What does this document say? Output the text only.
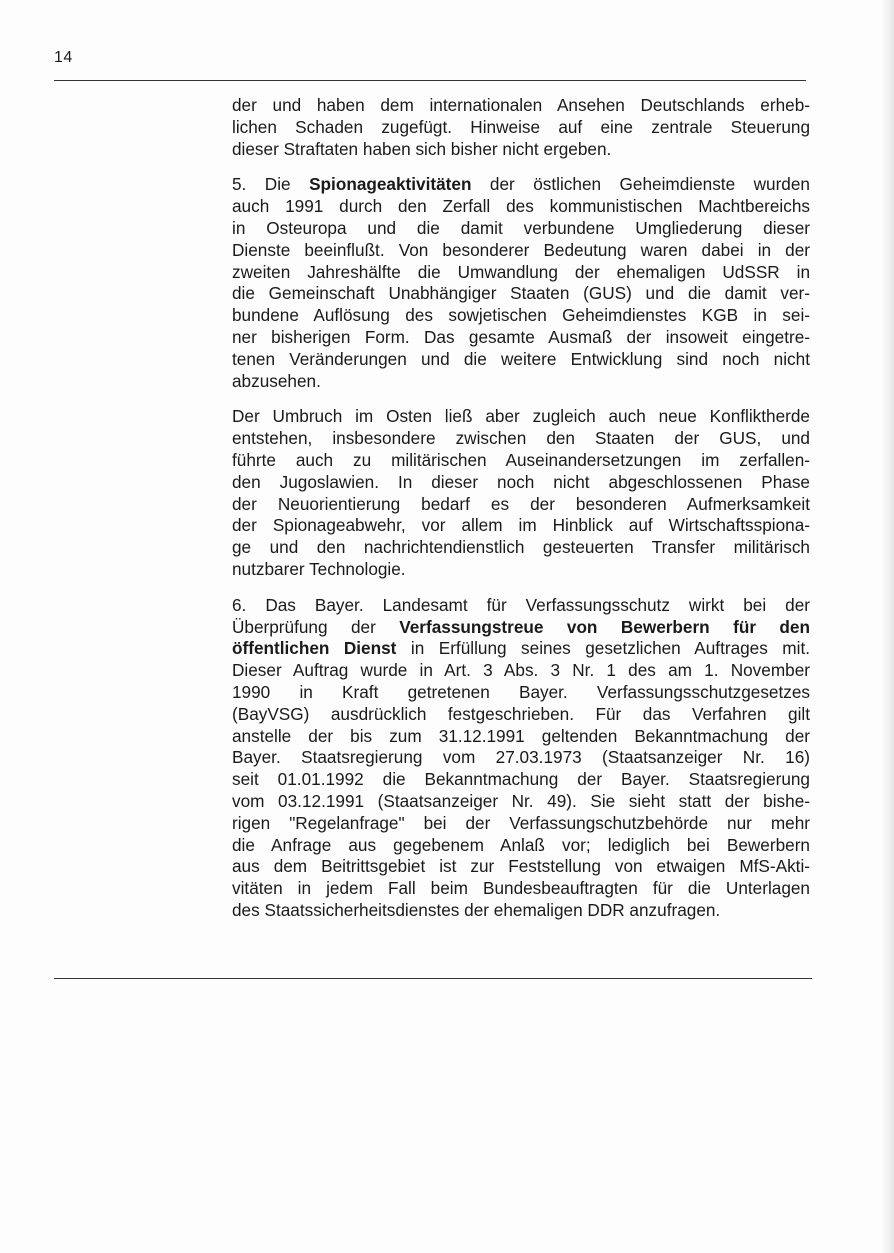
14

der und haben dem internationalen Ansehen Deutschlands erheb-
lichen Schaden zugefügt. Hinweise auf eine zentrale Steuerung
dieser Straftaten haben sich bisher nicht ergeben.

5. Die Spionageaktivitäten der östlichen Geheimdienste wurden
auch 1991 durch den Zerfall des kommunistischen Machtbereichs
in Osteuropa und die damit verbundene Umgliederung dieser
Dienste beeinflußt. Von besonderer Bedeutung waren dabei in der
zweiten Jahreshälfte die Umwandlung der ehemaligen UdSSR in
die Gemeinschaft Unabhängiger Staaten (GUS) und die damit ver-
bundene Auflösung des sowjetischen Geheimdienstes KGB in sei-
ner bisherigen Form. Das gesamte Ausmaß der insoweit eingetre-
tenen Veränderungen und die weitere Entwicklung sind noch nicht
abzusehen.

Der Umbruch im Osten ließ aber zugleich auch neue Konfliktherde
entstehen, insbesondere zwischen den Staaten der GUS, und
führte auch zu militärischen Auseinandersetzungen im zerfallen-
den Jugoslawien. In dieser noch nicht abgeschlossenen Phase
der Neuorientierung bedarf es der besonderen Aufmerksamkeit
der Spionageabwehr, vor allem im Hinblick auf Wirtschaftsspiona-
ge und den nachrichtendienstlich gesteuerten Transfer militärisch
nutzbarer Technologie.

6. Das Bayer. Landesamt für Verfassungsschutz wirkt bei der
Überprüfung der Verfassungstreue von Bewerbern für den
öffentlichen Dienst in Erfüllung seines gesetzlichen Auftrages mit.
Dieser Auftrag wurde in Art. 3 Abs. 3 Nr. 1 des am 1. November
1990 in Kraft getretenen Bayer. Verfassungsschutzgesetzes
(BayVSG) ausdrücklich festgeschrieben. Für das Verfahren gilt
anstelle der bis zum 31.12.1991 geltenden Bekanntmachung der
Bayer. Staatsregierung vom 27.03.1973 (Staatsanzeiger Nr. 16)
seit 01.01.1992 die Bekanntmachung der Bayer. Staatsregierung
vom 03.12.1991 (Staatsanzeiger Nr. 49). Sie sieht statt der bishe-
rigen "Regelanfrage" bei der Verfassungschutzbehörde nur mehr
die Anfrage aus gegebenem Anlaß vor; lediglich bei Bewerbern
aus dem Beitrittsgebiet ist zur Feststellung von etwaigen MfS-Akti-
vitäten in jedem Fall beim Bundesbeauftragten für die Unterlagen
des Staatssicherheitsdienstes der ehemaligen DDR anzufragen.
